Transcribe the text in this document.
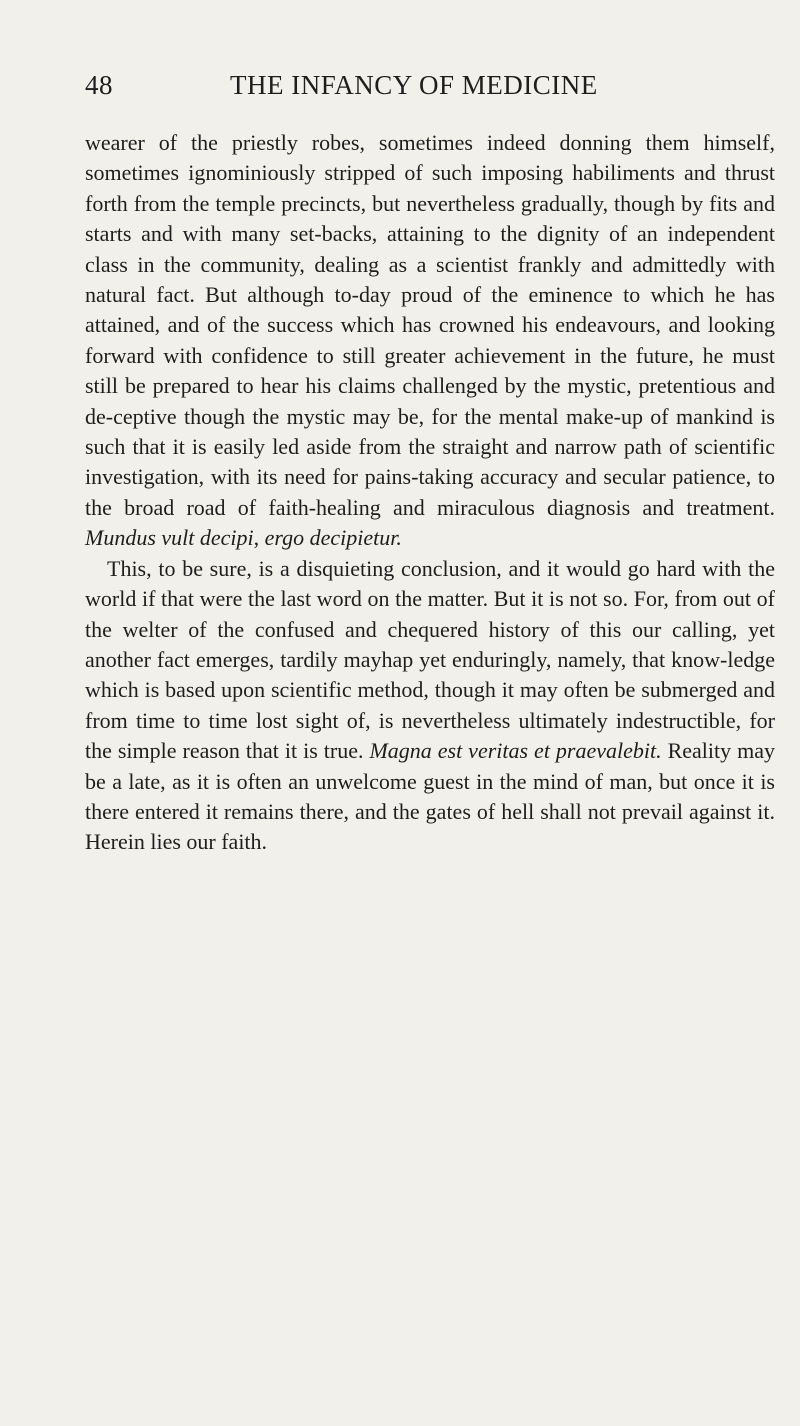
48	THE INFANCY OF MEDICINE

wearer of the priestly robes, sometimes indeed donning them himself, sometimes ignominiously stripped of such imposing habiliments and thrust forth from the temple precincts, but nevertheless gradually, though by fits and starts and with many set-backs, attaining to the dignity of an independent class in the community, dealing as a scientist frankly and admittedly with natural fact. But although to-day proud of the eminence to which he has attained, and of the success which has crowned his endeavours, and looking forward with confidence to still greater achievement in the future, he must still be prepared to hear his claims challenged by the mystic, pretentious and de-ceptive though the mystic may be, for the mental make-up of mankind is such that it is easily led aside from the straight and narrow path of scientific investigation, with its need for pains-taking accuracy and secular patience, to the broad road of faith-healing and miraculous diagnosis and treatment. Mundus vult decipi, ergo decipietur.

This, to be sure, is a disquieting conclusion, and it would go hard with the world if that were the last word on the matter. But it is not so. For, from out of the welter of the confused and chequered history of this our calling, yet another fact emerges, tardily mayhap yet enduringly, namely, that know-ledge which is based upon scientific method, though it may often be submerged and from time to time lost sight of, is nevertheless ultimately indestructible, for the simple reason that it is true. Magna est veritas et praevalebit. Reality may be a late, as it is often an unwelcome guest in the mind of man, but once it is there entered it remains there, and the gates of hell shall not prevail against it. Herein lies our faith.
